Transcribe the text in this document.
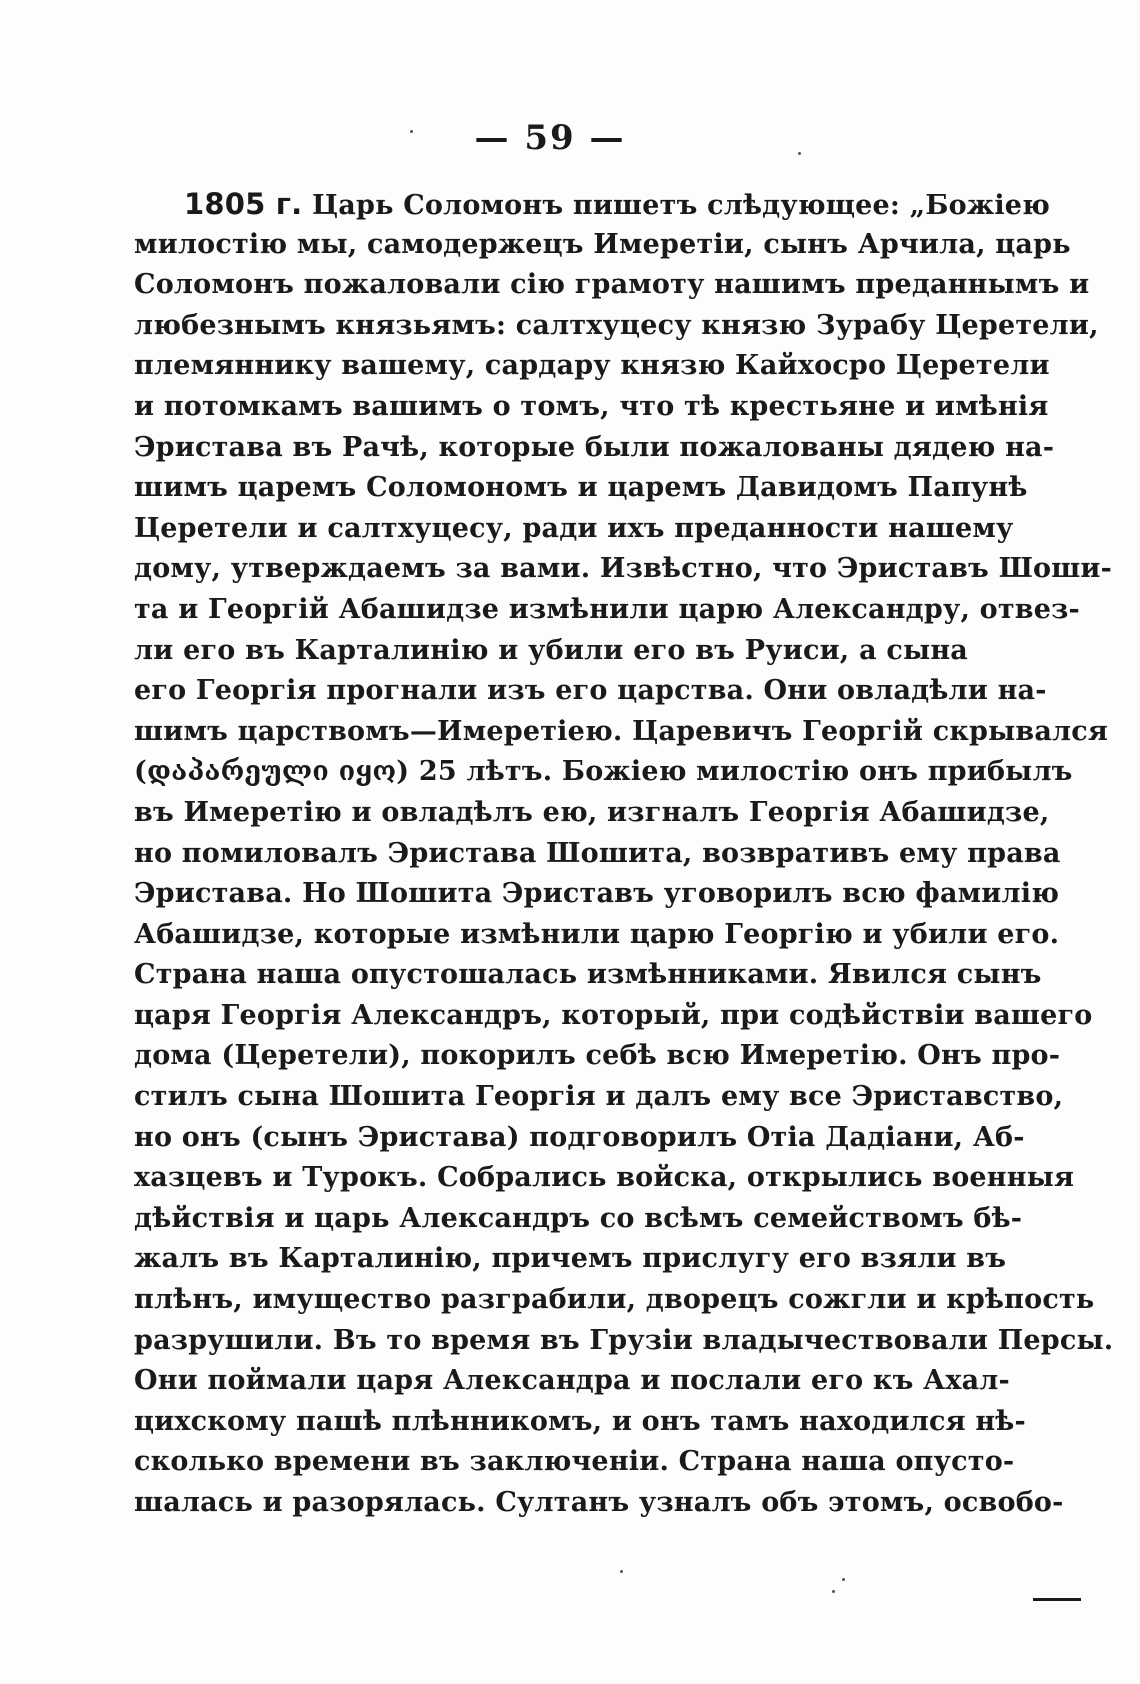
— 59 —
1805 г. Царь Соломонъ пишетъ слѣдующее: „Божіею
милостію мы, самодержецъ Имеретіи, сынъ Арчила, царь
Соломонъ пожаловали сію грамоту нашимъ преданнымъ и
любезнымъ князьямъ: салтхуцесу князю Зурабу Церетели,
племяннику вашему, сардару князю Кайхосро Церетели
и потомкамъ вашимъ о томъ, что тѣ крестьяне и имѣнія
Эристава въ Рачѣ, которые были пожалованы дядею на-
шимъ царемъ Соломономъ и царемъ Давидомъ Папунѣ
Церетели и салтхуцесу, ради ихъ преданности нашему
дому, утверждаемъ за вами. Извѣстно, что Эриставъ Шоши-
та и Георгій Абашидзе измѣнили царю Александру, отвез-
ли его въ Карталинію и убили его въ Руиси, а сына
его Георгія прогнали изъ его царства. Они овладѣли на-
шимъ царствомъ—Имеретіею. Царевичъ Георгій скрывался
(დაპარეული იყო) 25 лѣтъ. Божіею милостію онъ прибылъ
въ Имеретію и овладѣлъ ею, изгналъ Георгія Абашидзе,
но помиловалъ Эристава Шошита, возвративъ ему права
Эристава. Но Шошита Эриставъ уговорилъ всю фамилію
Абашидзе, которые измѣнили царю Георгію и убили его.
Страна наша опустошалась измѣнниками. Явился сынъ
царя Георгія Александръ, который, при содѣйствіи вашего
дома (Церетели), покорилъ себѣ всю Имеретію. Онъ про-
стилъ сына Шошита Георгія и далъ ему все Эриставство,
но онъ (сынъ Эристава) подговорилъ Отіа Дадіани, Аб-
хазцевъ и Турокъ. Собрались войска, открылись военныя
дѣйствія и царь Александръ со всѣмъ семействомъ бѣ-
жалъ въ Карталинію, причемъ прислугу его взяли въ
плѣнъ, имущество разграбили, дворецъ сожгли и крѣпость
разрушили. Въ то время въ Грузіи владычествовали Персы.
Они поймали царя Александра и послали его къ Ахал-
цихскому пашѣ плѣнникомъ, и онъ тамъ находился нѣ-
сколько времени въ заключеніи. Страна наша опусто-
шалась и разорялась. Султанъ узналъ объ этомъ, освобо-
